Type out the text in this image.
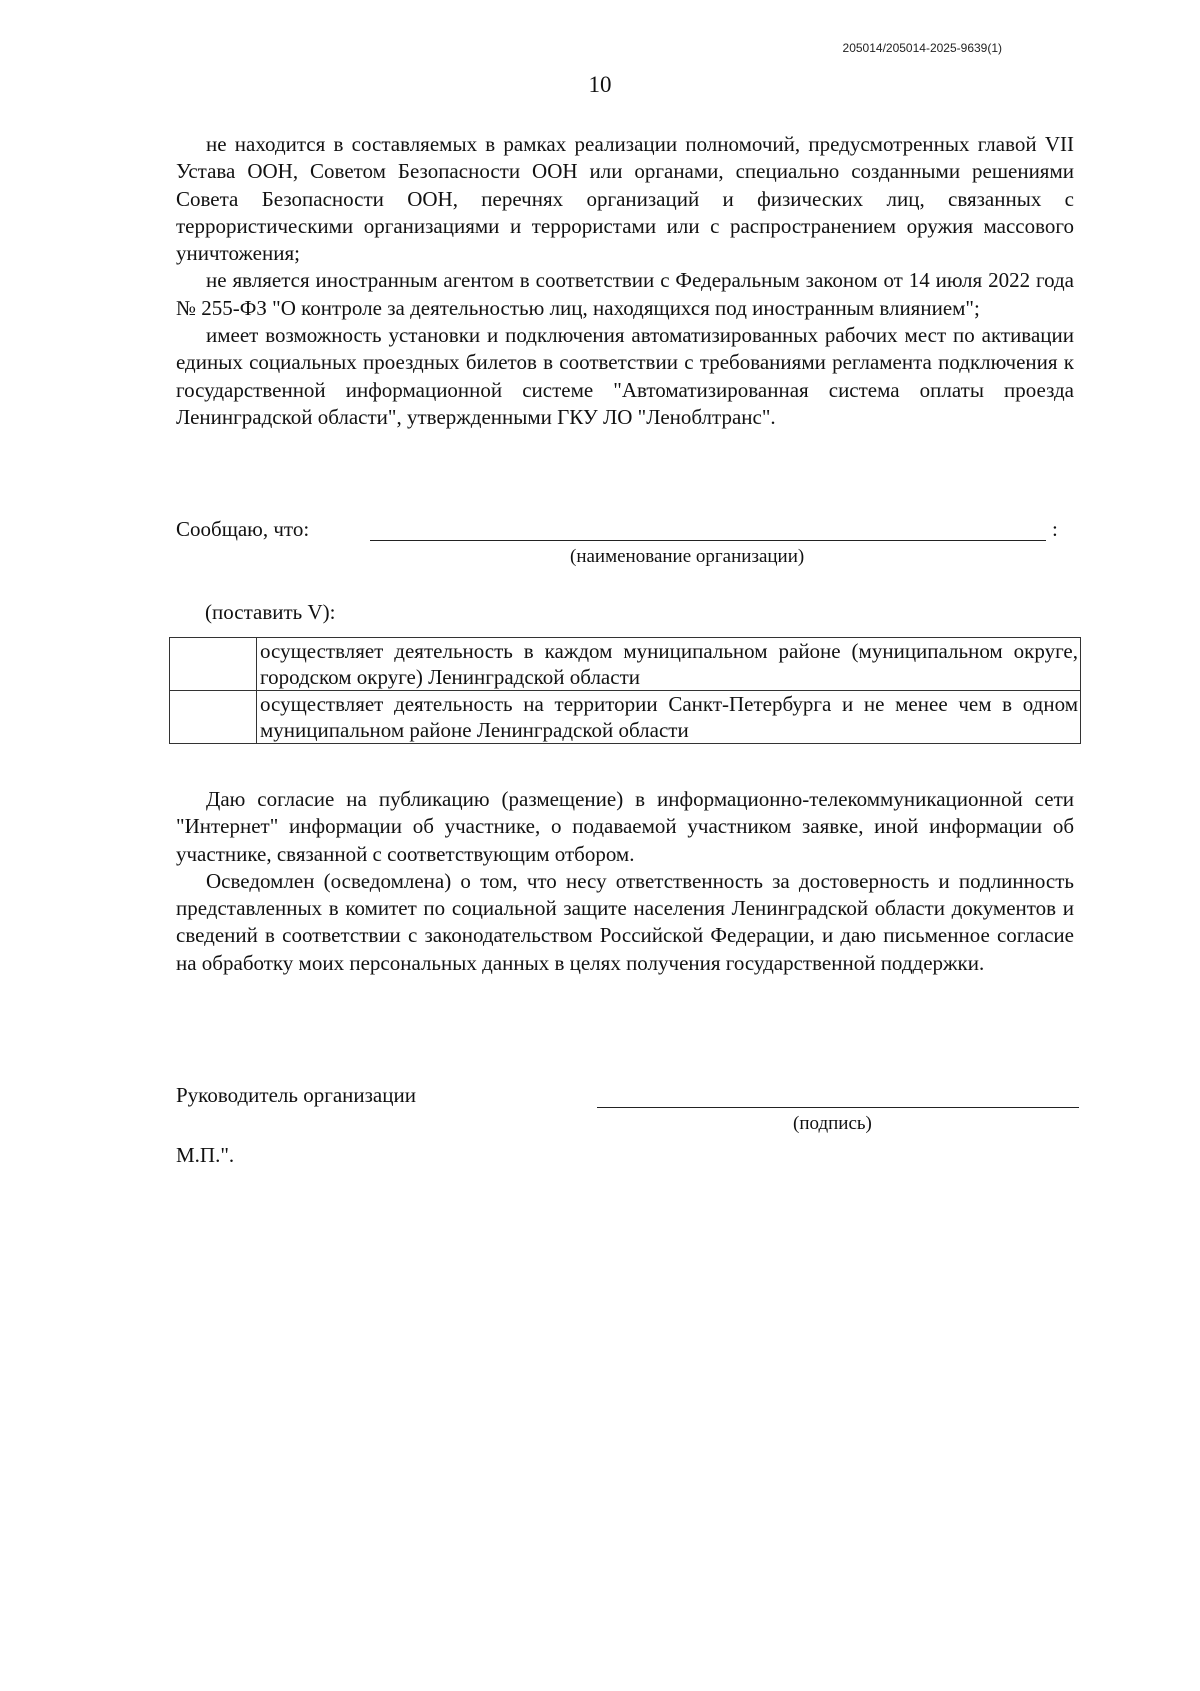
205014/205014-2025-9639(1)
10

не находится в составляемых в рамках реализации полномочий, предусмотренных главой VII Устава ООН, Советом Безопасности ООН или органами, специально созданными решениями Совета Безопасности ООН, перечнях организаций и физических лиц, связанных с террористическими организациями и террористами или с распространением оружия массового уничтожения;

не является иностранным агентом в соответствии с Федеральным законом от 14 июля 2022 года № 255-ФЗ "О контроле за деятельностью лиц, находящихся под иностранным влиянием";

имеет возможность установки и подключения автоматизированных рабочих мест по активации единых социальных проездных билетов в соответствии с требованиями регламента подключения к государственной информационной системе "Автоматизированная система оплаты проезда Ленинградской области", утвержденными ГКУ ЛО "Леноблтранс".

Сообщаю, что:	:
(наименование организации)
(поставить V):
	осуществляет деятельность в каждом муниципальном районе (муниципальном округе, городском округе) Ленинградской области
	осуществляет деятельность на территории Санкт-Петербурга и не менее чем в одном муниципальном районе Ленинградской области

Даю согласие на публикацию (размещение) в информационно-телекоммуникационной сети "Интернет" информации об участнике, о подаваемой участником заявке, иной информации об участнике, связанной с соответствующим отбором.

Осведомлен (осведомлена) о том, что несу ответственность за достоверность и подлинность представленных в комитет по социальной защите населения Ленинградской области документов и сведений в соответствии с законодательством Российской Федерации, и даю письменное согласие на обработку моих персональных данных в целях получения государственной поддержки.

Руководитель организации
(подпись)
М.П.".
